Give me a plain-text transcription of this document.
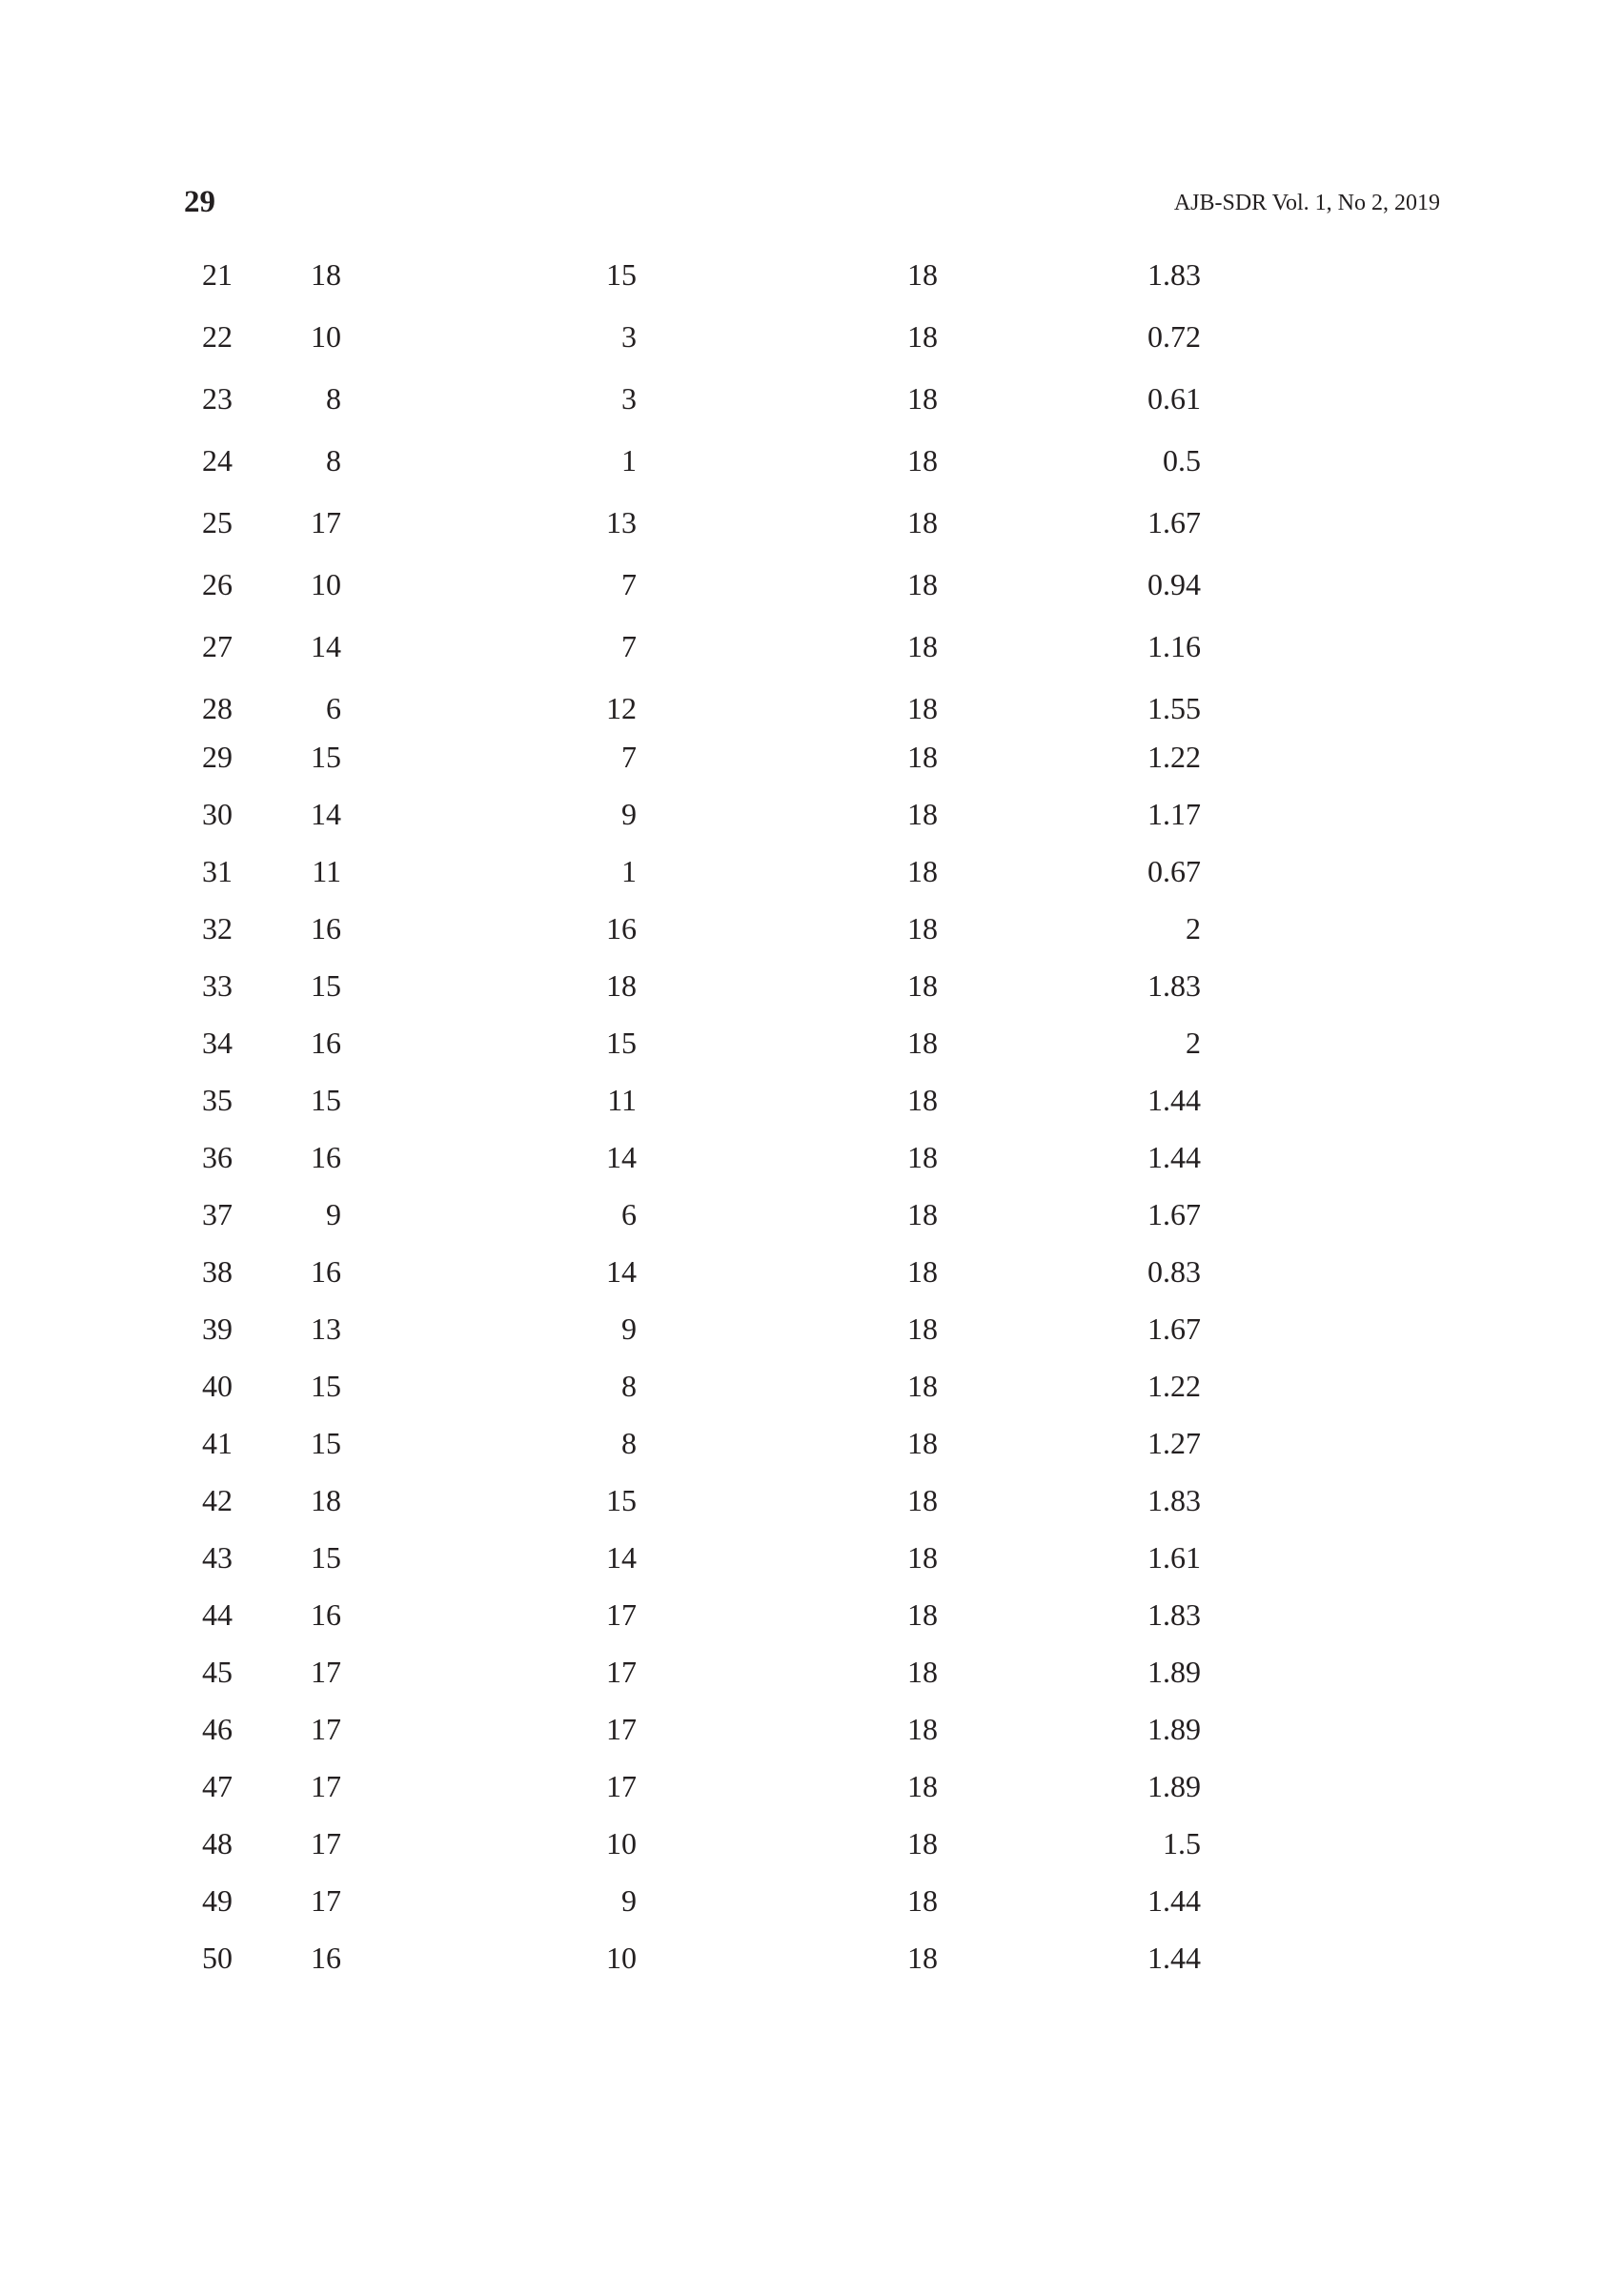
29	AJB-SDR Vol. 1, No 2, 2019
21	18	15	18	1.83
22	10	3	18	0.72
23	8	3	18	0.61
24	8	1	18	0.5
25	17	13	18	1.67
26	10	7	18	0.94
27	14	7	18	1.16
28	6	12	18	1.55
29	15	7	18	1.22
30	14	9	18	1.17
31	11	1	18	0.67
32	16	16	18	2
33	15	18	18	1.83
34	16	15	18	2
35	15	11	18	1.44
36	16	14	18	1.44
37	9	6	18	1.67
38	16	14	18	0.83
39	13	9	18	1.67
40	15	8	18	1.22
41	15	8	18	1.27
42	18	15	18	1.83
43	15	14	18	1.61
44	16	17	18	1.83
45	17	17	18	1.89
46	17	17	18	1.89
47	17	17	18	1.89
48	17	10	18	1.5
49	17	9	18	1.44
50	16	10	18	1.44
